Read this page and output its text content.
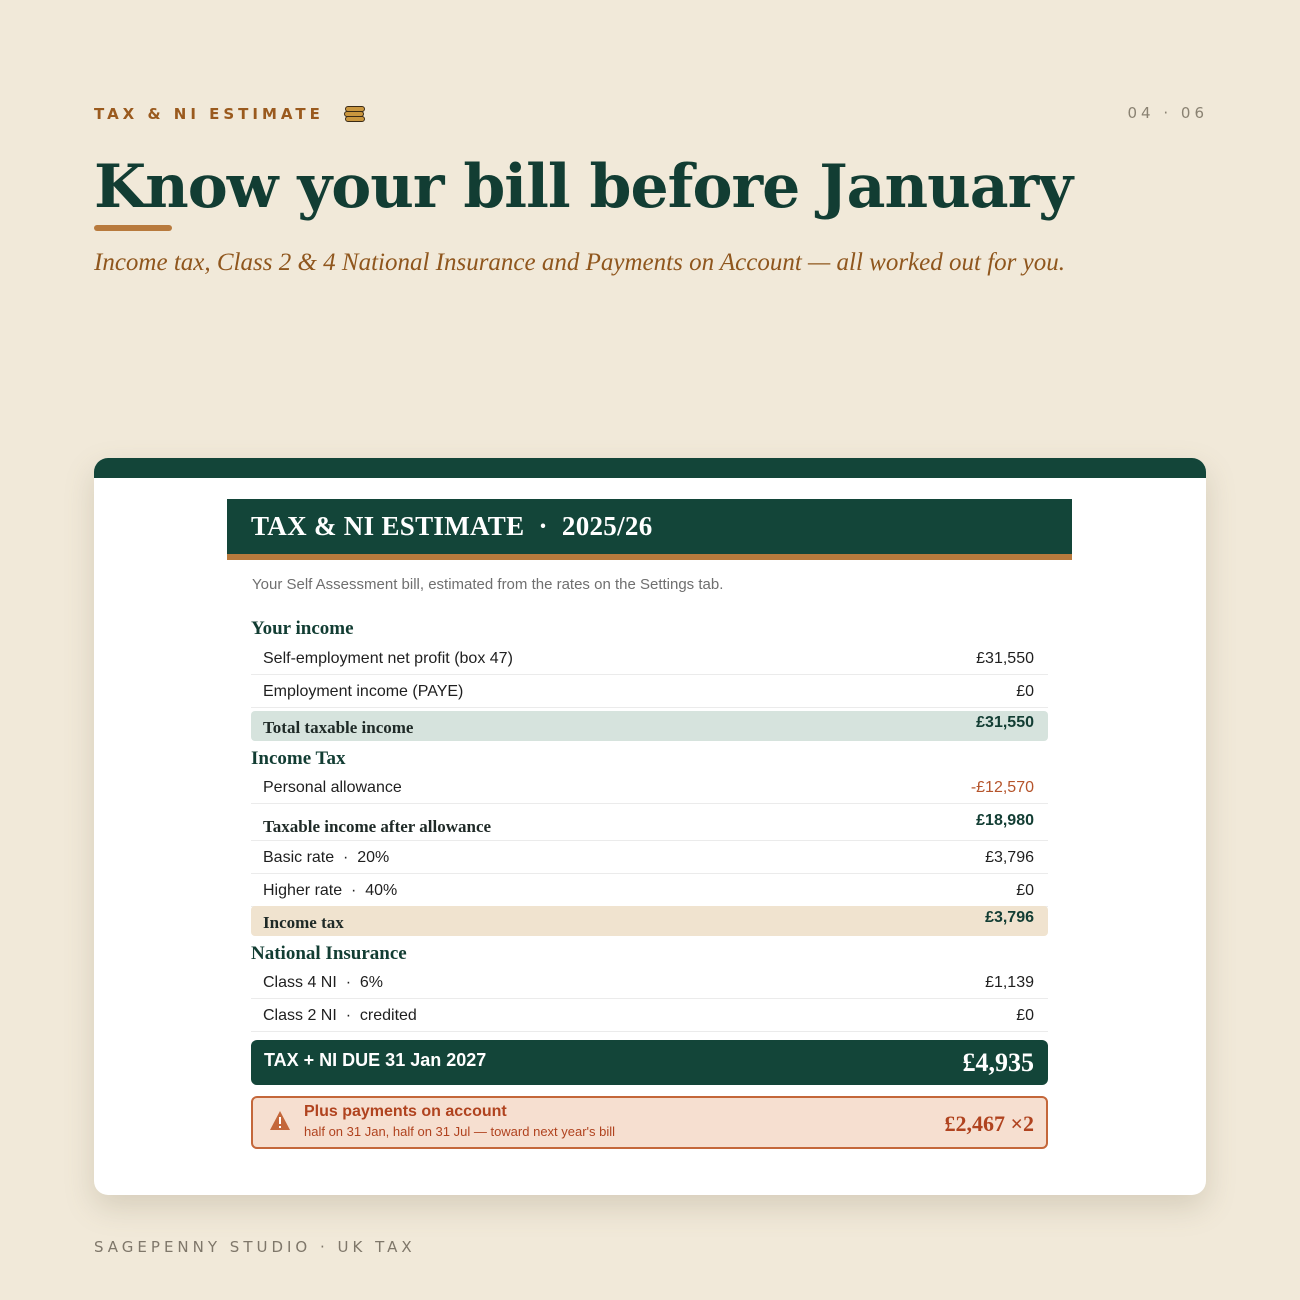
TAX & NI ESTIMATE	04 · 06
Know your bill before January

Income tax, Class 2 & 4 National Insurance and Payments on Account — all worked out for you.

TAX & NI ESTIMATE  ·  2025/26
Your Self Assessment bill, estimated from the rates on the Settings tab.
Your income
Self-employment net profit (box 47)	£31,550
Employment income (PAYE)	£0
Total taxable income	£31,550
Income Tax
Personal allowance	-£12,570
Taxable income after allowance	£18,980
Basic rate  ·  20%	£3,796
Higher rate  ·  40%	£0
Income tax	£3,796
National Insurance
Class 4 NI  ·  6%	£1,139
Class 2 NI  ·  credited	£0
TAX + NI DUE 31 Jan 2027	£4,935
Plus payments on account
half on 31 Jan, half on 31 Jul — toward next year's bill	£2,467 ×2
SAGEPENNY STUDIO · UK TAX
